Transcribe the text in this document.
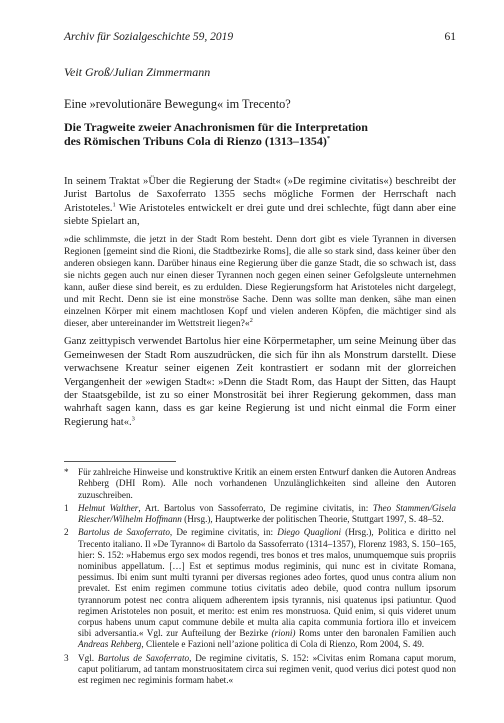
Archiv für Sozialgeschichte 59, 2019	61
Veit Groß/Julian Zimmermann
Eine »revolutionäre Bewegung« im Trecento?
Die Tragweite zweier Anachronismen für die Interpretation
des Römischen Tribuns Cola di Rienzo (1313–1354)*

In seinem Traktat »Über die Regierung der Stadt« (»De regimine civitatis«) beschreibt der Jurist Bartolus de Saxoferrato 1355 sechs mögliche Formen der Herrschaft nach Aristoteles.$^1$ Wie Aristoteles entwickelt er drei gute und drei schlechte, fügt dann aber eine siebte Spielart an,

»die schlimmste, die jetzt in der Stadt Rom besteht. Denn dort gibt es viele Tyrannen in diversen Regionen [gemeint sind die Rioni, die Stadtbezirke Roms], die alle so stark sind, dass keiner über den anderen obsiegen kann. Darüber hinaus eine Regierung über die ganze Stadt, die so schwach ist, dass sie nichts gegen auch nur einen dieser Tyrannen noch gegen einen seiner Gefolgsleute unternehmen kann, außer diese sind bereit, es zu erdulden. Diese Regierungsform hat Aristoteles nicht dargelegt, und mit Recht. Denn sie ist eine monströse Sache. Denn was sollte man denken, sähe man einen einzelnen Körper mit einem machtlosen Kopf und vielen anderen Köpfen, die mächtiger sind als dieser, aber untereinander im Wettstreit liegen?«$^2$

Ganz zeittypisch verwendet Bartolus hier eine Körpermetapher, um seine Meinung über das Gemeinwesen der Stadt Rom auszudrücken, die sich für ihn als Monstrum darstellt. Diese verwachsene Kreatur seiner eigenen Zeit kontrastiert er sodann mit der glorreichen Vergangenheit der »ewigen Stadt«: »Denn die Stadt Rom, das Haupt der Sitten, das Haupt der Staatsgebilde, ist zu so einer Monstrosität bei ihrer Regierung gekommen, dass man wahrhaft sagen kann, dass es gar keine Regierung ist und nicht einmal die Form einer Regierung hat«.$^3$

*	Für zahlreiche Hinweise und konstruktive Kritik an einem ersten Entwurf danken die Autoren Andreas Rehberg (DHI Rom). Alle noch vorhandenen Unzulänglichkeiten sind alleine den Autoren zuzuschreiben.
1	Helmut Walther, Art. Bartolus von Sassoferrato, De regimine civitatis, in: Theo Stammen/Gisela Riescher/Wilhelm Hoffmann (Hrsg.), Hauptwerke der politischen Theorie, Stuttgart 1997, S. 48–52.
2	Bartolus de Saxoferrato, De regimine civitatis, in: Diego Quaglioni (Hrsg.), Politica e diritto nel Trecento italiano. Il »De Tyranno« di Bartolo da Sassoferrato (1314–1357), Florenz 1983, S. 150–165, hier: S. 152: »Habemus ergo sex modos regendi, tres bonos et tres malos, unumquemque suis propriis nominibus appellatum. […] Est et septimus modus regiminis, qui nunc est in civitate Romana, pessimus. Ibi enim sunt multi tyranni per diversas regiones adeo fortes, quod unus contra alium non prevalet. Est enim regimen commune totius civitatis adeo debile, quod contra nullum ipsorum tyrannorum potest nec contra aliquem adherentem ipsis tyrannis, nisi quatenus ipsi patiuntur. Quod regimen Aristoteles non posuit, et merito: est enim res monstruosa. Quid enim, si quis videret unum corpus habens unum caput commune debile et multa alia capita communia fortiora illo et inveicem sibi adversantia.« Vgl. zur Aufteilung der Bezirke (rioni) Roms unter den baronalen Familien auch Andreas Rehberg, Clientele e Fazioni nell’azione politica di Cola di Rienzo, Rom 2004, S. 49.
3	Vgl. Bartolus de Saxoferrato, De regimine civitatis, S. 152: »Civitas enim Romana caput morum, caput politiarum, ad tantam monstruositatem circa sui regimen venit, quod verius dici potest quod non est regimen nec regiminis formam habet.«
